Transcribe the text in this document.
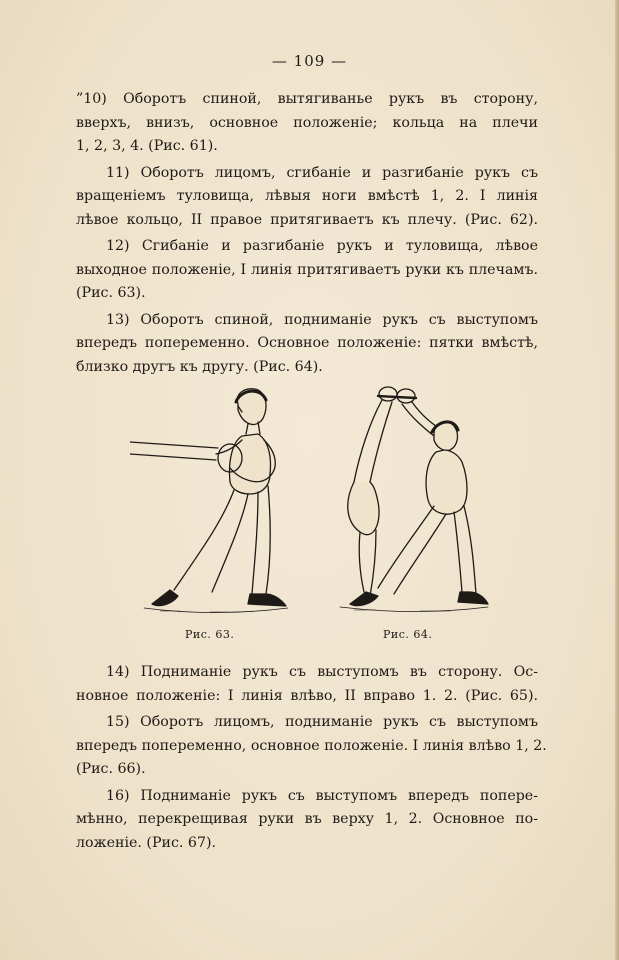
— 109 —

”10) Оборотъ спиной, вытягиванье рукъ въ сторону,
вверхъ, внизъ, основное положеніе; кольца на плечи
1, 2, 3, 4. (Рис. 61).

11) Оборотъ лицомъ, сгибаніе и разгибаніе рукъ съ
вращеніемъ туловища, лѣвыя ноги вмѣстѣ 1, 2. I линія
лѣвое кольцо, II правое притягиваетъ къ плечу. (Рис. 62).

12) Сгибаніе и разгибаніе рукъ и туловища, лѣвое
выходное положеніе, I линія притягиваетъ руки къ плечамъ.
(Рис. 63).

13) Оборотъ спиной, подниманіе рукъ съ выступомъ
впередъ попеременно. Основное положеніе: пятки вмѣстѣ,
близко другъ къ другу. (Рис. 64).

Рис. 63.	Рис. 64.

14) Подниманіе рукъ съ выступомъ въ сторону. Ос-
новное положеніе: I линія влѣво, II вправо 1. 2. (Рис. 65).

15) Оборотъ лицомъ, подниманіе рукъ съ выступомъ
впередъ попеременно, основное положеніе. I линія влѣво 1, 2.
(Рис. 66).

16) Подниманіе рукъ съ выступомъ впередъ попере-
мѣнно, перекрещивая руки въ верху 1, 2. Основное по-
ложеніе. (Рис. 67).
